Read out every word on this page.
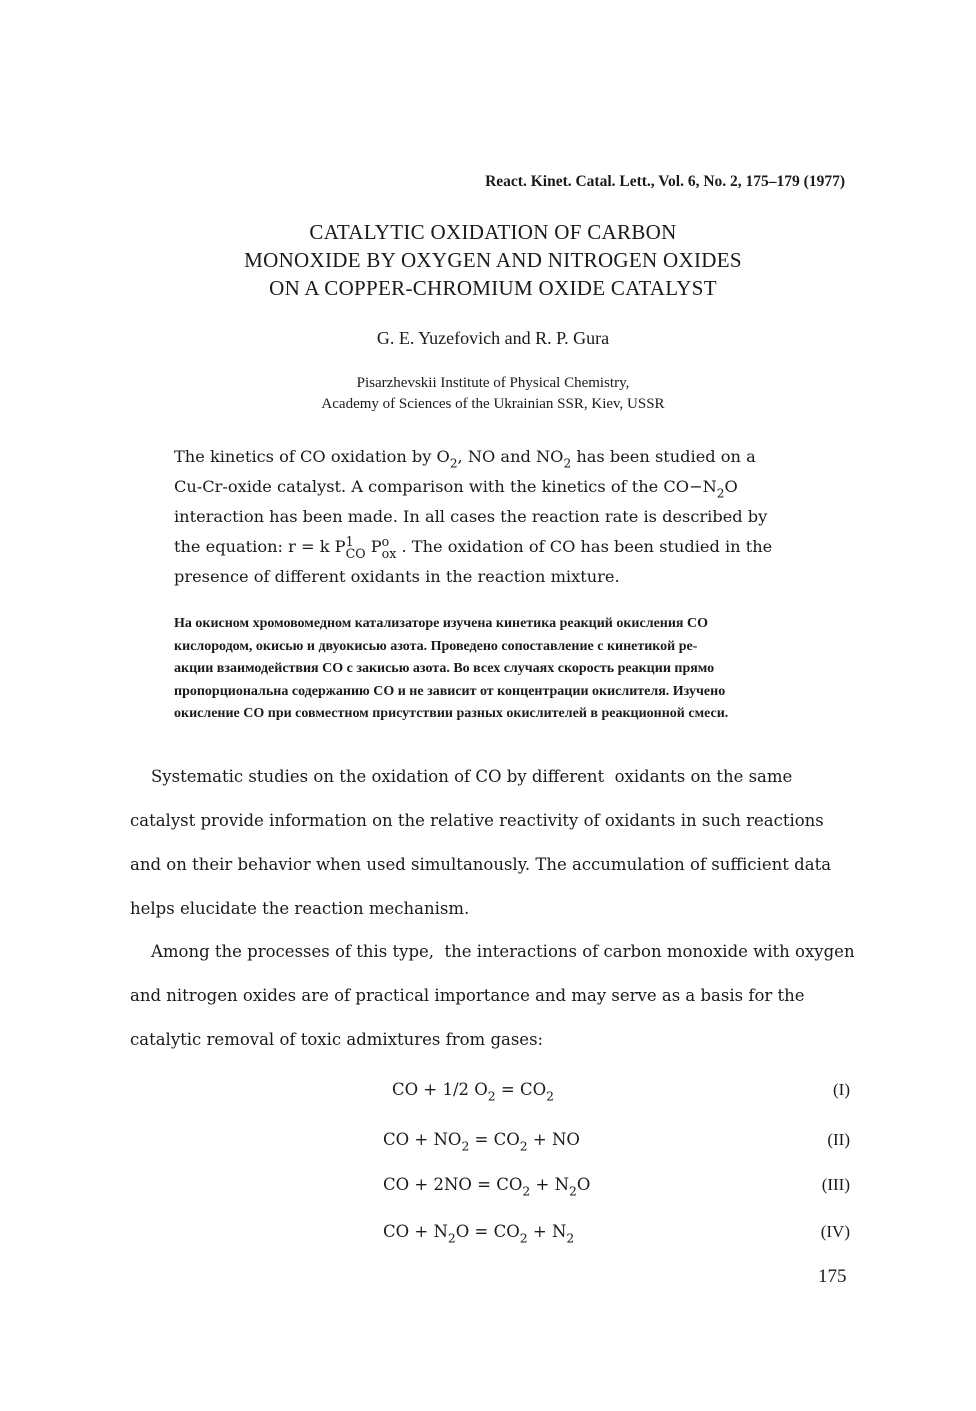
React. Kinet. Catal. Lett., Vol. 6, No. 2, 175–179 (1977)
CATALYTIC OXIDATION OF CARBON
MONOXIDE BY OXYGEN AND NITROGEN OXIDES
ON A COPPER-CHROMIUM OXIDE CATALYST
G. E. Yuzefovich and R. P. Gura
Pisarzhevskii Institute of Physical Chemistry,
Academy of Sciences of the Ukrainian SSR, Kiev, USSR

The kinetics of CO oxidation by $O_2$, NO and $NO_2$ has been studied on a

Cu-Cr-oxide catalyst. A comparison with the kinetics of the $CO-N_2O$

interaction has been made. In all cases the reaction rate is described by

the equation: r = k P 1
CO P o
ox . The oxidation of CO has been studied in the

presence of different oxidants in the reaction mixture.

На окисном хромовомедном катализаторе изучена кинетика реакций окисления СО

кислородом, окисью и двуокисью азота. Проведено сопоставление с кинетикой ре-

акции взаимодействия СО с закисью азота. Во всех случаях скорость реакции прямо

пропорциональна содержанию СО и не зависит от концентрации окислителя. Изучено

окисление СО при совместном присутствии разных окислителей в реакционной смеси.

Systematic studies on the oxidation of CO by different  oxidants on the same

catalyst provide information on the relative reactivity of oxidants in such reactions

and on their behavior when used simultanously. The accumulation of sufficient data

helps elucidate the reaction mechanism.

Among the processes of this type,  the interactions of carbon monoxide with oxygen

and nitrogen oxides are of practical importance and may serve as a basis for the

catalytic removal of toxic admixtures from gases:

CO + 1/2 $O_2 = CO_2$	(I)
CO + $NO_2 = CO_2$ + NO	(II)
CO + $2NO = CO_2 + N_2O$	(III)
CO + $N_2O = CO_2 + N_2$	(IV)
175
